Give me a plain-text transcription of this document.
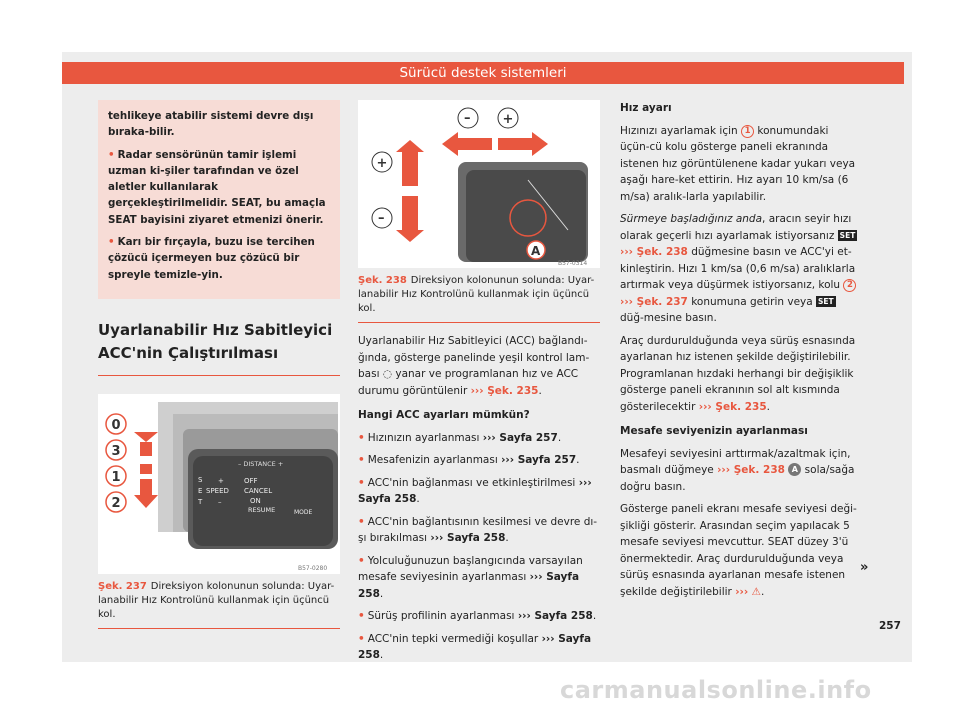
Sürücü destek sistemleri

tehlikeye atabilir sistemi devre dışı bıraka-bilir.

• Radar sensörünün tamir işlemi uzman ki-şiler tarafından ve özel aletler kullanılarak gerçekleştirilmelidir. SEAT, bu amaçla SEAT bayisini ziyaret etmenizi önerir.

• Karı bir fırçayla, buzu ise tercihen çözücü içermeyen buz çözücü bir spreyle temizle-yin.

Uyarlanabilir Hız Sabitleyici ACC'nin Çalıştırılması
– DISTANCE +
S
E
T
+
SPEED
–
OFF
CANCEL
ON
RESUME	MODE
0
3
1
2
B57-0280
Şek. 237 Direksiyon kolonunun solunda: Uyar-lanabilir Hız Kontrolünü kullanmak için üçüncü kol.
+
–
– +
A
B57-0314
Şek. 238 Direksiyon kolonunun solunda: Uyar-lanabilir Hız Kontrolünü kullanmak için üçüncü kol.

Uyarlanabilir Hız Sabitleyici (ACC) bağlandı-ğında, gösterge panelinde yeşil kontrol lam-bası ◌ yanar ve programlanan hız ve ACC durumu görüntülenir ››› Şek. 235.

Hangi ACC ayarları mümkün?

• Hızınızın ayarlanması ››› Sayfa 257.

• Mesafenizin ayarlanması ››› Sayfa 257.

• ACC'nin bağlanması ve etkinleştirilmesi ››› Sayfa 258.

• ACC'nin bağlantısının kesilmesi ve devre dı-şı bırakılması ››› Sayfa 258.

• Yolculuğunuzun başlangıcında varsayılan mesafe seviyesinin ayarlanması ››› Sayfa 258.

• Sürüş profilinin ayarlanması ››› Sayfa 258.

• ACC'nin tepki vermediği koşullar ››› Sayfa 258.

Hız ayarı

Hızınızı ayarlamak için 1 konumundaki üçün-cü kolu gösterge paneli ekranında istenen hız görüntülenene kadar yukarı veya aşağı hare-ket ettirin. Hız ayarı 10 km/sa (6 m/sa) aralık-larla yapılabilir.

Sürmeye başladığınız anda, aracın seyir hızı olarak geçerli hızı ayarlamak istiyorsanız SET ››› Şek. 238 düğmesine basın ve ACC'yi et-kinleştirin. Hızı 1 km/sa (0,6 m/sa) aralıklarla artırmak veya düşürmek istiyorsanız, kolu 2 ››› Şek. 237 konumuna getirin veya SET düğ-mesine basın.

Araç durdurulduğunda veya sürüş esnasında ayarlanan hız istenen şekilde değiştirilebilir. Programlanan hızdaki herhangi bir değişiklik gösterge paneli ekranının sol alt kısmında gösterilecektir ››› Şek. 235.

Mesafe seviyenizin ayarlanması

Mesafeyi seviyesini arttırmak/azaltmak için, basmalı düğmeye ››› Şek. 238 A sola/sağa doğru basın.

Gösterge paneli ekranı mesafe seviyesi deği-şikliği gösterir. Arasından seçim yapılacak 5 mesafe seviyesi mevcuttur. SEAT düzey 3'ü önermektedir. Araç durdurulduğunda veya sürüş esnasında ayarlanan mesafe istenen şekilde değiştirilebilir ››› ⚠.

»
257
carmanualsonline.info
